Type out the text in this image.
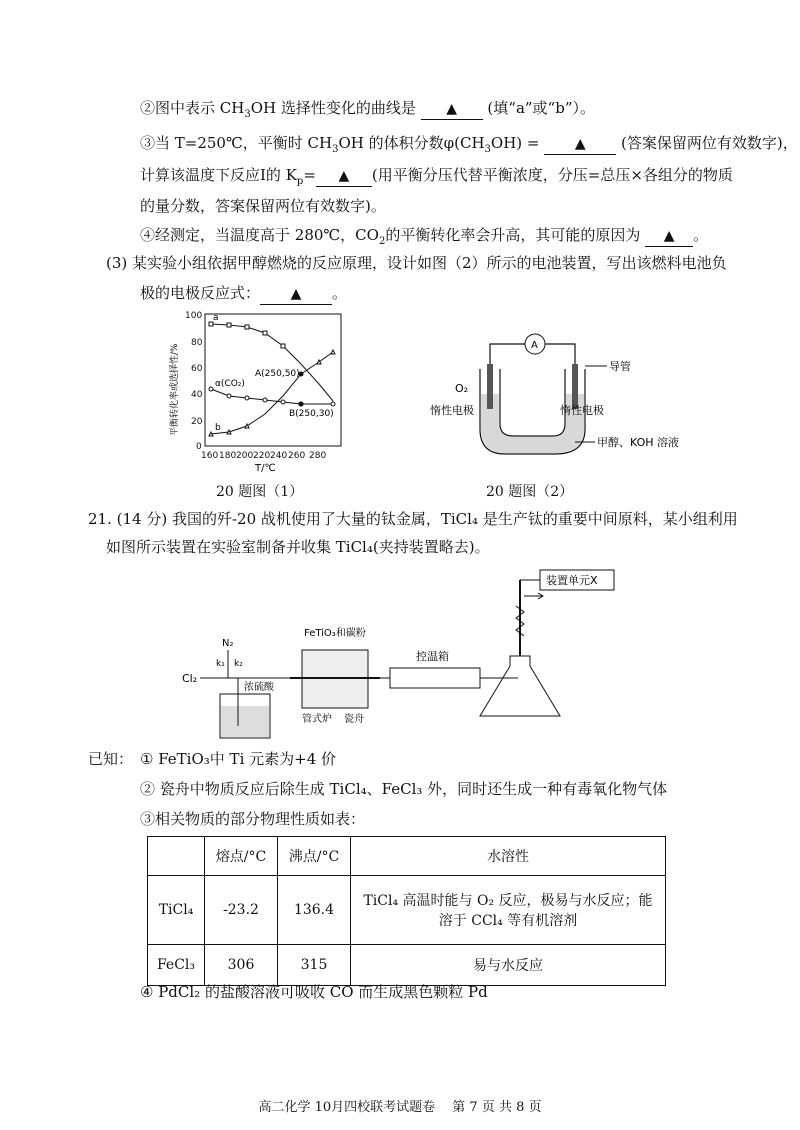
②图中表示 $CH_3OH$ 选择性变化的曲线是 ▲ (填“a”或“b”）。
③当 T=250℃，平衡时 $CH_3OH$ 的体积分数$\varphi(CH_3OH)$ =	▲ (答案保留两位有效数字)，
计算该温度下反应I的 $K_p=$ ▲ (用平衡分压代替平衡浓度，分压=总压×各组分的物质
的量分数，答案保留两位有效数字)。
④经测定，当温度高于 280℃，$CO_2$的平衡转化率会升高，其可能的原因为 ▲ 。
(3) 某实验小组依据甲醇燃烧的反应原理，设计如图（2）所示的电池装置，写出该燃料电池负
极的电极反应式： ▲ 。
100
80
60
40
20
0
160 180 200 220 240 260 280
T/℃
平衡转化率或选择性/%
a
b
α(CO₂)
A(250,50)
B(250,30)
20 题图（1）
A
导管
O₂
惰性电极	惰性电极
甲醇、KOH 溶液
20 题图（2）
21. (14 分) 我国的歼-20 战机使用了大量的钛金属，TiCl₄ 是生产钛的重要中间原料，某小组利用
如图所示装置在实验室制备并收集 TiCl₄(夹持装置略去)。
装置单元X
Cl₂
N₂
k₁ k₂
浓硫酸
FeTiO₃和碳粉
管式炉 瓷舟
控温箱
已知： ① FeTiO₃中 Ti 元素为+4 价
② 瓷舟中物质反应后除生成 TiCl₄、FeCl₃ 外，同时还生成一种有毒氧化物气体
③相关物质的部分物理性质如表：
	熔点/°C	沸点/°C	水溶性
TiCl₄	-23.2	136.4	TiCl₄ 高温时能与 O₂ 反应，极易与水反应；能
溶于 CCl₄ 等有机溶剂

FeCl₃	306	315	易与水反应
④ PdCl₂ 的盐酸溶液可吸收 CO 而生成黑色颗粒 Pd
高二化学 10月四校联考试题卷　 第 7 页 共 8 页
